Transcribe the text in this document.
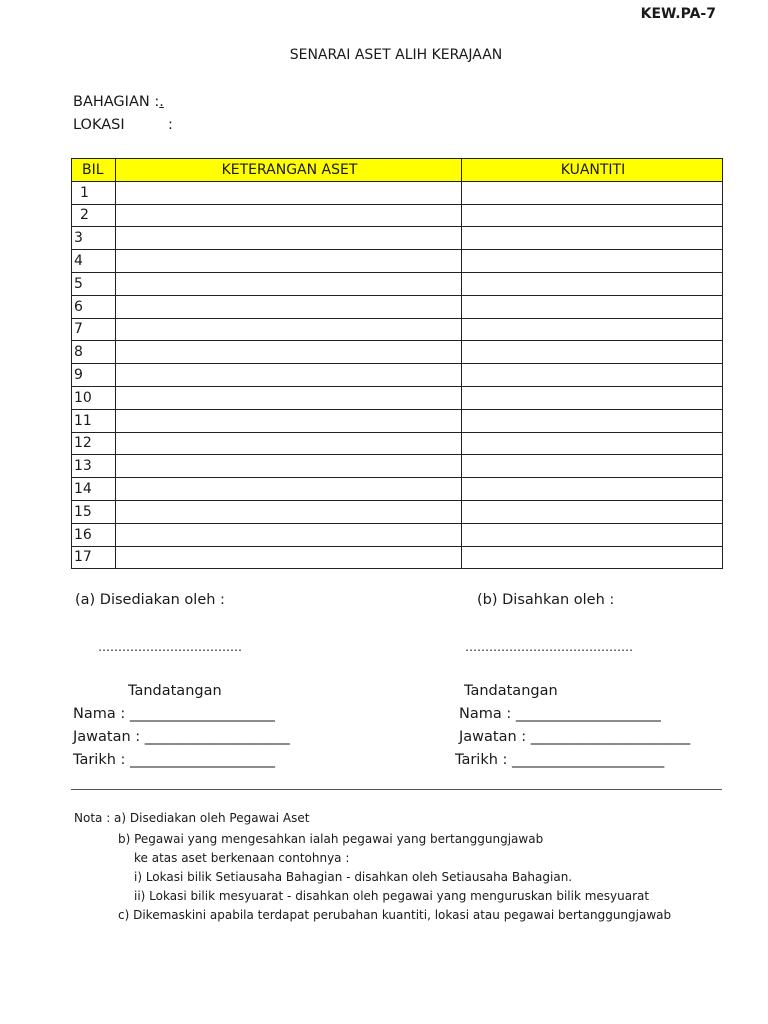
KEW.PA-7
SENARAI ASET ALIH KERAJAAN
BAHAGIAN :.
LOKASI	:
BIL	KETERANGAN ASET	KUANTITI
1		
2		
3		
4		
5		
6		
7		
8		
9		
10		
11		
12		
13		
14		
15		
16		
17		
(a) Disediakan oleh :	(b) Disahkan oleh :
………………………………	……………………………………
Tandatangan	Tandatangan
Nama : ____________________
Jawatan : ____________________
Tarikh : ____________________
Nama : ____________________
Jawatan : ______________________
Tarikh : _____________________
Nota : a) Disediakan oleh Pegawai Aset
b) Pegawai yang mengesahkan ialah pegawai yang bertanggungjawab
ke atas aset berkenaan contohnya :
i) Lokasi bilik Setiausaha Bahagian - disahkan oleh Setiausaha Bahagian.
ii) Lokasi bilik mesyuarat - disahkan oleh pegawai yang menguruskan bilik mesyuarat
c) Dikemaskini apabila terdapat perubahan kuantiti, lokasi atau pegawai bertanggungjawab
